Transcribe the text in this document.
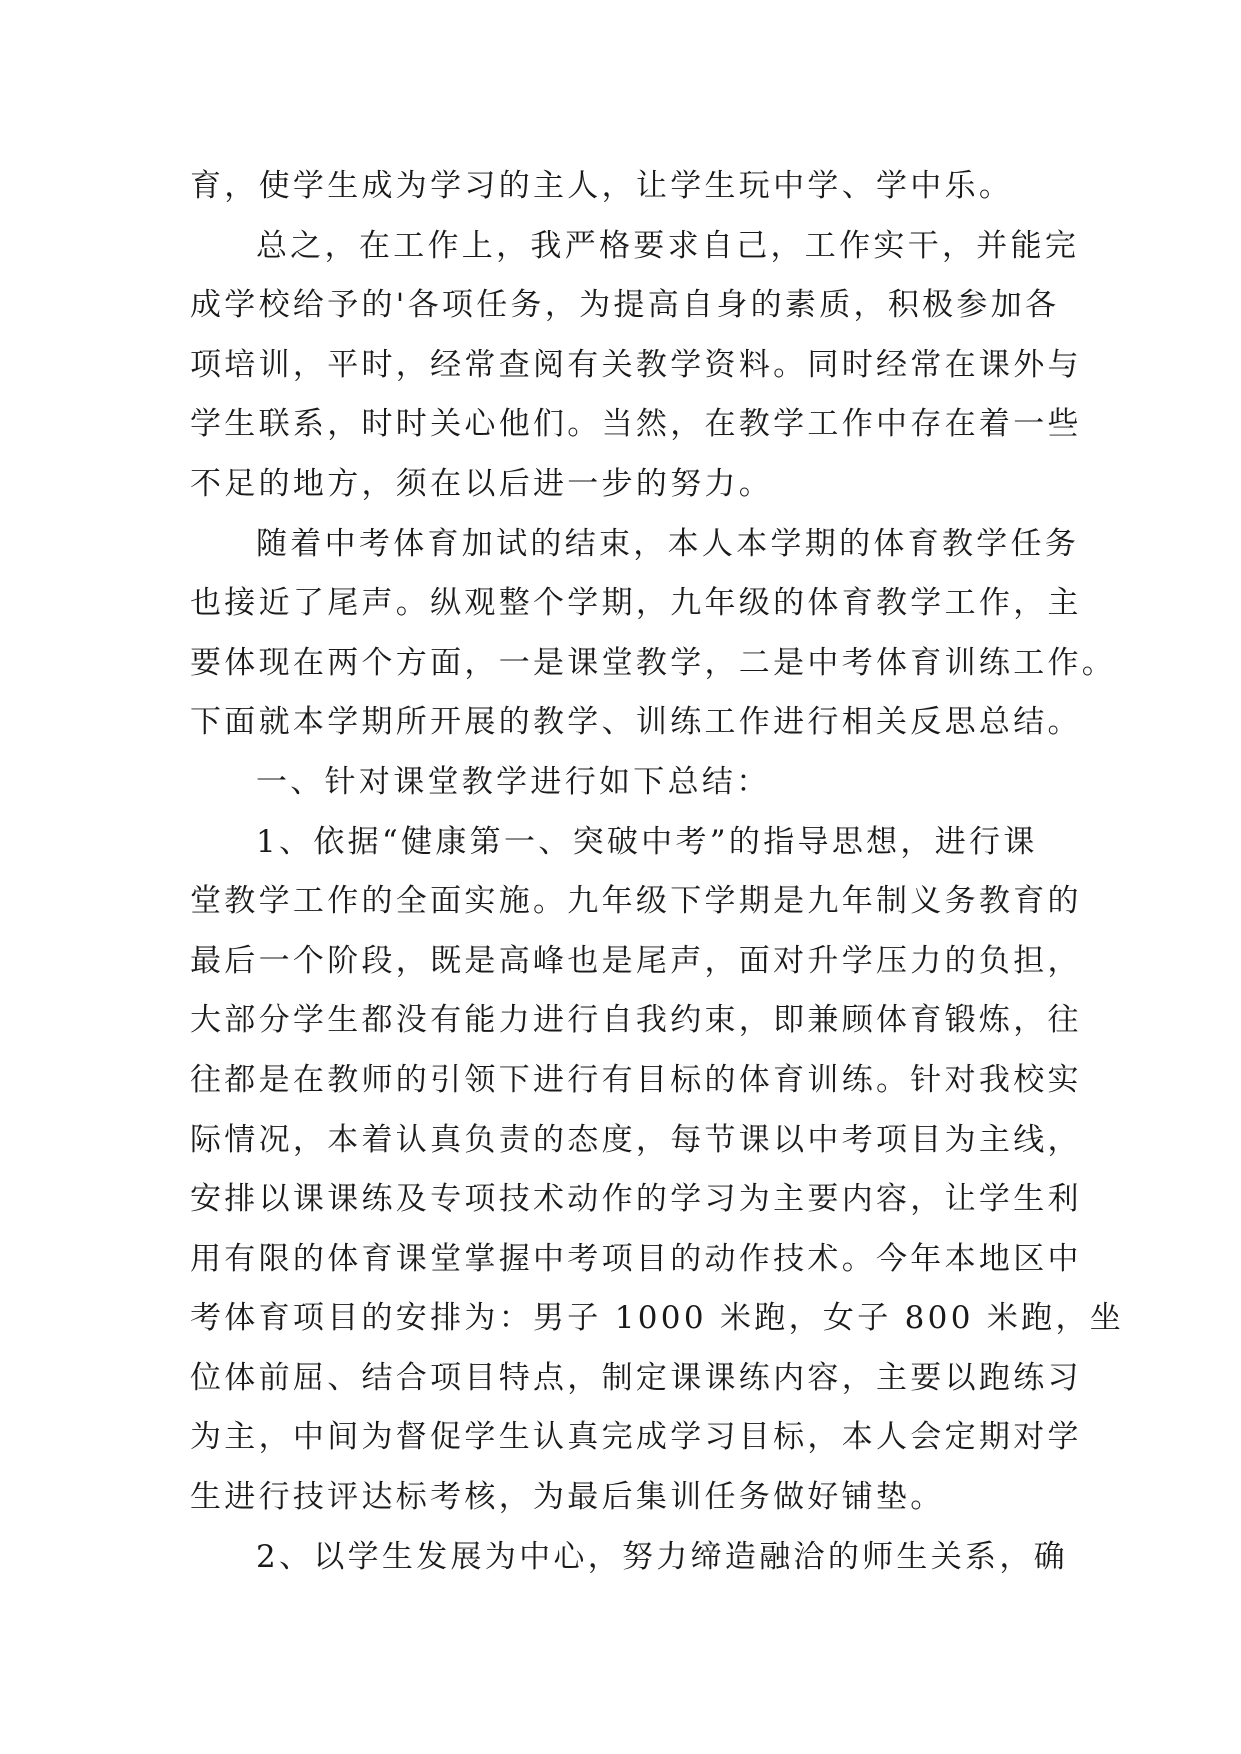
育，使学生成为学习的主人，让学生玩中学、学中乐。
总之，在工作上，我严格要求自己，工作实干，并能完
成学校给予的'各项任务，为提高自身的素质，积极参加各
项培训，平时，经常查阅有关教学资料。同时经常在课外与
学生联系，时时关心他们。当然，在教学工作中存在着一些
不足的地方，须在以后进一步的努力。
随着中考体育加试的结束，本人本学期的体育教学任务
也接近了尾声。纵观整个学期，九年级的体育教学工作，主
要体现在两个方面，一是课堂教学，二是中考体育训练工作。
下面就本学期所开展的教学、训练工作进行相关反思总结。
一、针对课堂教学进行如下总结：
1、依据“健康第一、突破中考”的指导思想，进行课
堂教学工作的全面实施。九年级下学期是九年制义务教育的
最后一个阶段，既是高峰也是尾声，面对升学压力的负担，
大部分学生都没有能力进行自我约束，即兼顾体育锻炼，往
往都是在教师的引领下进行有目标的体育训练。针对我校实
际情况，本着认真负责的态度，每节课以中考项目为主线，
安排以课课练及专项技术动作的学习为主要内容，让学生利
用有限的体育课堂掌握中考项目的动作技术。今年本地区中
考体育项目的安排为：男子 1000 米跑，女子 800 米跑，坐
位体前屈、结合项目特点，制定课课练内容，主要以跑练习
为主，中间为督促学生认真完成学习目标，本人会定期对学
生进行技评达标考核，为最后集训任务做好铺垫。
2、以学生发展为中心，努力缔造融洽的师生关系，确
